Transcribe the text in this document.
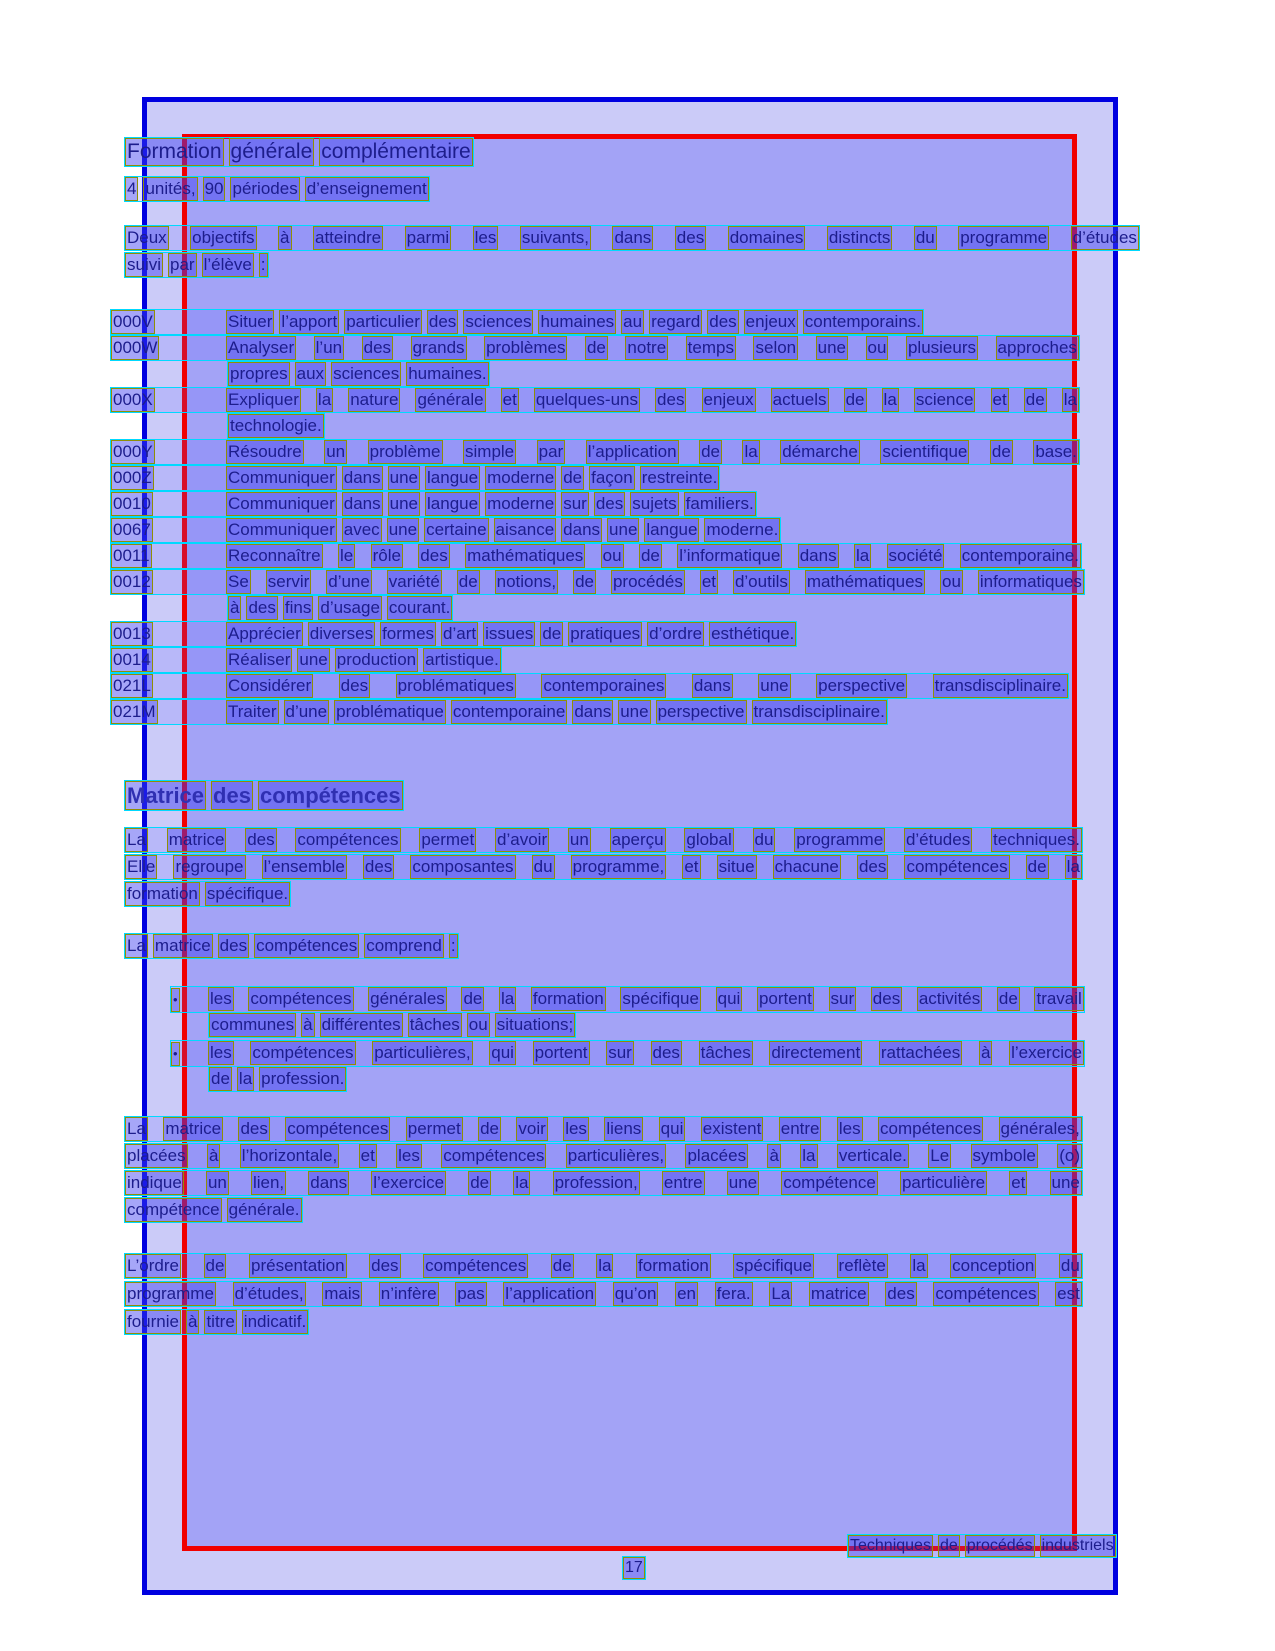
Formation générale complémentaire
4 unités, 90 périodes d’enseignement
Deux objectifs à atteindre parmi les suivants, dans des domaines distincts du programme d’études
suivi par l’élève :
000V	Situer l’apport particulier des sciences humaines au regard des enjeux contemporains.
000W	Analyser l’un des grands problèmes de notre temps selon une ou plusieurs approches
propres aux sciences humaines.
000X	Expliquer la nature générale et quelques-uns des enjeux actuels de la science et de la
technologie.
000Y	Résoudre un problème simple par l’application de la démarche scientifique de base.
000Z	Communiquer dans une langue moderne de façon restreinte.
0010	Communiquer dans une langue moderne sur des sujets familiers.
0067	Communiquer avec une certaine aisance dans une langue moderne.
0011	Reconnaître le rôle des mathématiques ou de l’informatique dans la société contemporaine.
0012	Se servir d’une variété de notions, de procédés et d’outils mathématiques ou informatiques
à des fins d’usage courant.
0013	Apprécier diverses formes d’art issues de pratiques d’ordre esthétique.
0014	Réaliser une production artistique.
021L	Considérer des problématiques contemporaines dans une perspective transdisciplinaire.
021M	Traiter d’une problématique contemporaine dans une perspective transdisciplinaire.
Matrice des compétences
La matrice des compétences permet d’avoir un aperçu global du programme d’études techniques.
Elle regroupe l’ensemble des composantes du programme, et situe chacune des compétences de la
formation spécifique.
La matrice des compétences comprend :
• les compétences générales de la formation spécifique qui portent sur des activités de travail
communes à différentes tâches ou situations;
• les compétences particulières, qui portent sur des tâches directement rattachées à l’exercice
de la profession.
La matrice des compétences permet de voir les liens qui existent entre les compétences générales,
placées à l’horizontale, et les compétences particulières, placées à la verticale. Le symbole (o)
indique un lien, dans l’exercice de la profession, entre une compétence particulière et une
compétence générale.
L’ordre de présentation des compétences de la formation spécifique reflète la conception du
programme d’études, mais n’infère pas l’application qu’on en fera. La matrice des compétences est
fournie à titre indicatif.
Techniques de procédés industriels
17
